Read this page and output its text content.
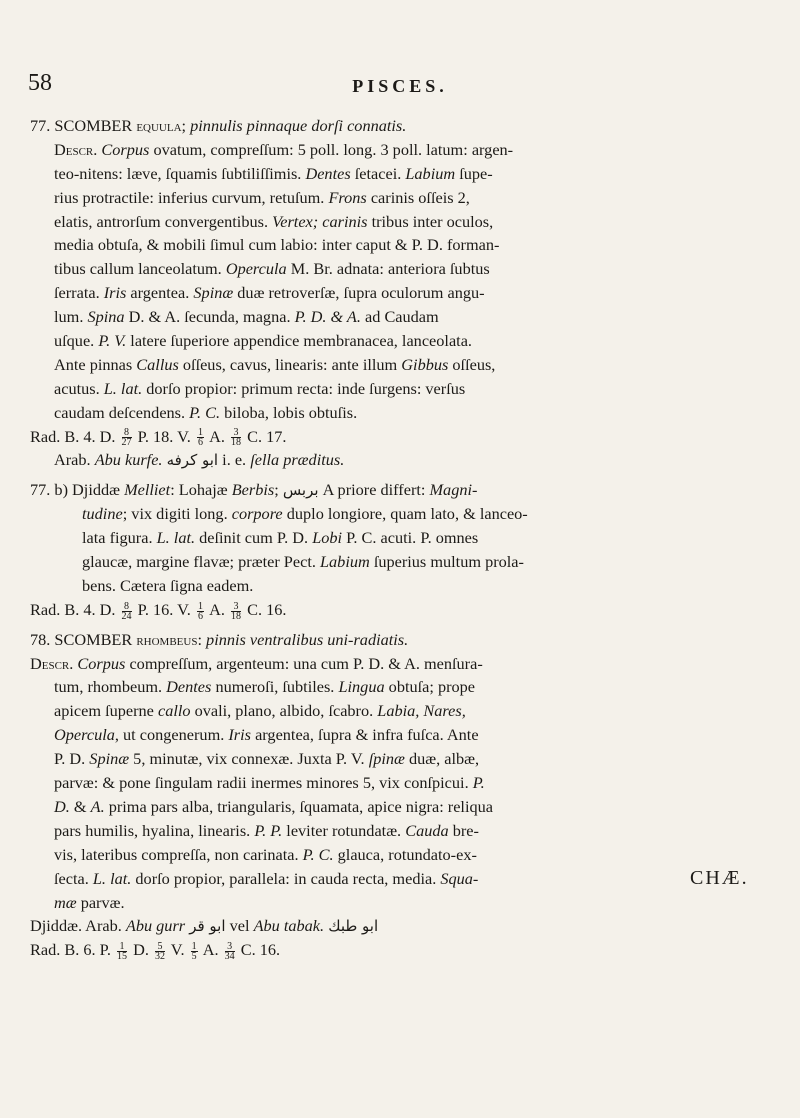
58	PISCES.
77. SCOMBER equula; pinnulis pinnaque dorſi connatis.
Descr. Corpus ovatum, compreſſum: 5 poll. long. 3 poll. latum: argen-
teo-nitens: læve, ſquamis ſubtiliſſimis. Dentes ſetacei. Labium ſupe-
rius protractile: inferius curvum, retuſum. Frons carinis oſſeis 2,
elatis, antrorſum convergentibus. Vertex; carinis tribus inter oculos,
media obtuſa, & mobili ſimul cum labio: inter caput & P. D. forman-
tibus callum lanceolatum. Opercula M. Br. adnata: anteriora ſubtus
ſerrata. Iris argentea. Spinæ duæ retroverſæ, ſupra oculorum angu-
lum. Spina D. & A. ſecunda, magna. P. D. & A. ad Caudam
uſque. P. V. latere ſuperiore appendice membranacea, lanceolata.
Ante pinnas Callus oſſeus, cavus, linearis: ante illum Gibbus oſſeus,
acutus. L. lat. dorſo propior: primum recta: inde ſurgens: verſus
caudam deſcendens. P. C. biloba, lobis obtuſis.
Rad. B. 4. D. $\frac{8}{27} P$. 18. V. $\frac{1}{6} A$. $\frac{3}{18} C$. 17.
Arab. Abu kurfe. ابو كرفه i. e. ſella præditus.
77. b) Djiddæ Melliet: Lohajæ Berbis; بربس A priore differt: Magni-
tudine; vix digiti long. corpore duplo longiore, quam lato, & lanceo-
lata figura. L. lat. deſinit cum P. D. Lobi P. C. acuti. P. omnes
glaucæ, margine flavæ; præter Pect. Labium ſuperius multum prola-
bens. Cætera ſigna eadem.
Rad. B. 4. D. $\frac{8}{24} P$. 16. V. $\frac{1}{6} A$. $\frac{3}{18} C$. 16.
78. SCOMBER rhombeus: pinnis ventralibus uni-radiatis.
Descr. Corpus compreſſum, argenteum: una cum P. D. & A. menſura-
tum, rhombeum. Dentes numeroſi, ſubtiles. Lingua obtuſa; prope
apicem ſuperne callo ovali, plano, albido, ſcabro. Labia, Nares,
Opercula, ut congenerum. Iris argentea, ſupra & infra fuſca. Ante
P. D. Spinæ 5, minutæ, vix connexæ. Juxta P. V. ſpinæ duæ, albæ,
parvæ: & pone ſingulam radii inermes minores 5, vix conſpicui. P.
D. & A. prima pars alba, triangularis, ſquamata, apice nigra: reliqua
pars humilis, hyalina, linearis. P. P. leviter rotundatæ. Cauda bre-
vis, lateribus compreſſa, non carinata. P. C. glauca, rotundato-ex-
ſecta. L. lat. dorſo propior, parallela: in cauda recta, media. Squa-
mæ parvæ.
Djiddæ. Arab. Abu gurr ابو قر vel Abu tabak. ابو طبك
Rad. B. 6. P. $\frac{1}{15} D$. $\frac{5}{32} V$. $\frac{1}{5} A$. $\frac{3}{34} C$. 16.
CHÆ.
